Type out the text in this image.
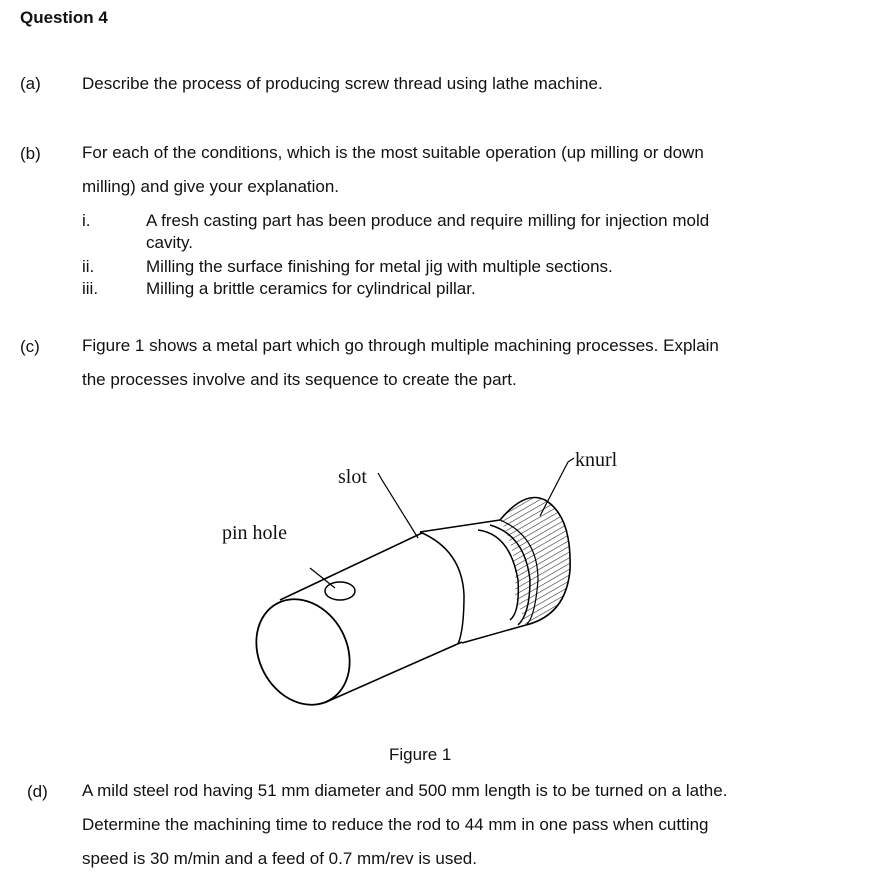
Question 4
(a) Describe the process of producing screw thread using lathe machine.
(b) For each of the conditions, which is the most suitable operation (up milling or down
milling) and give your explanation.
i.	A fresh casting part has been produce and require milling for injection mold
cavity.
ii.	Milling the surface finishing for metal jig with multiple sections.
iii.	Milling a brittle ceramics for cylindrical pillar.
(c) Figure 1 shows a metal part which go through multiple machining processes. Explain
the processes involve and its sequence to create the part.
slot
knurl
pin hole
Figure 1
(d) A mild steel rod having 51 mm diameter and 500 mm length is to be turned on a lathe.
Determine the machining time to reduce the rod to 44 mm in one pass when cutting
speed is 30 m/min and a feed of 0.7 mm/rev is used.
